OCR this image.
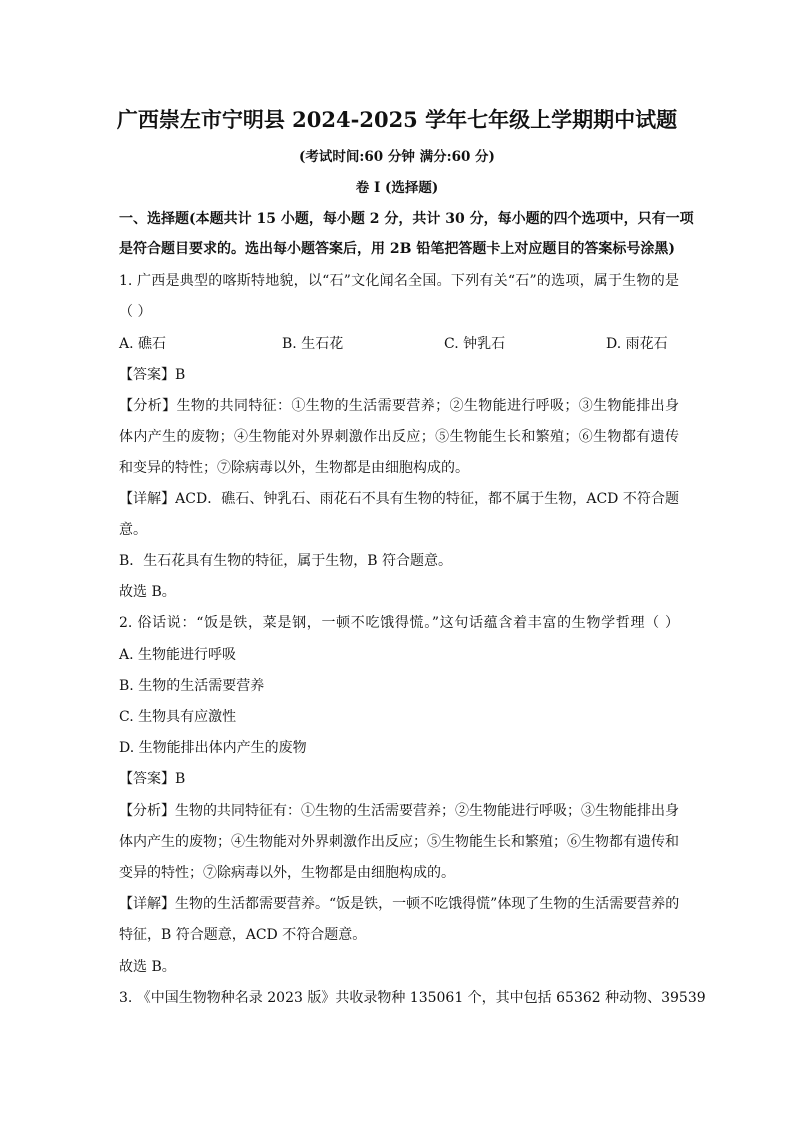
广西崇左市宁明县 2024-2025 学年七年级上学期期中试题
(考试时间:60 分钟 满分:60 分)
卷 I (选择题)
一、选择题(本题共计 15 小题，每小题 2 分，共计 30 分，每小题的四个选项中，只有一项
是符合题目要求的。选出每小题答案后，用 2B 铅笔把答题卡上对应题目的答案标号涂黑)
1. 广西是典型的喀斯特地貌，以“石”文化闻名全国。下列有关“石”的选项，属于生物的是
（ ）
A. 礁石	B. 生石花	C. 钟乳石	D. 雨花石
【答案】B
【分析】生物的共同特征：①生物的生活需要营养；②生物能进行呼吸；③生物能排出身
体内产生的废物；④生物能对外界刺激作出反应；⑤生物能生长和繁殖；⑥生物都有遗传
和变异的特性；⑦除病毒以外，生物都是由细胞构成的。
【详解】ACD．礁石、钟乳石、雨花石不具有生物的特征，都不属于生物，ACD 不符合题
意。
B．生石花具有生物的特征，属于生物，B 符合题意。
故选 B。
2. 俗话说：“饭是铁，菜是钢，一顿不吃饿得慌。”这句话蕴含着丰富的生物学哲理（ ）
A. 生物能进行呼吸
B. 生物的生活需要营养
C. 生物具有应激性
D. 生物能排出体内产生的废物
【答案】B
【分析】生物的共同特征有：①生物的生活需要营养；②生物能进行呼吸；③生物能排出身
体内产生的废物；④生物能对外界刺激作出反应；⑤生物能生长和繁殖；⑥生物都有遗传和
变异的特性；⑦除病毒以外，生物都是由细胞构成的。
【详解】生物的生活都需要营养。“饭是铁，一顿不吃饿得慌”体现了生物的生活需要营养的
特征，B 符合题意，ACD 不符合题意。
故选 B。
3. 《中国生物物种名录 2023 版》共收录物种 135061 个，其中包括 65362 种动物、39539
